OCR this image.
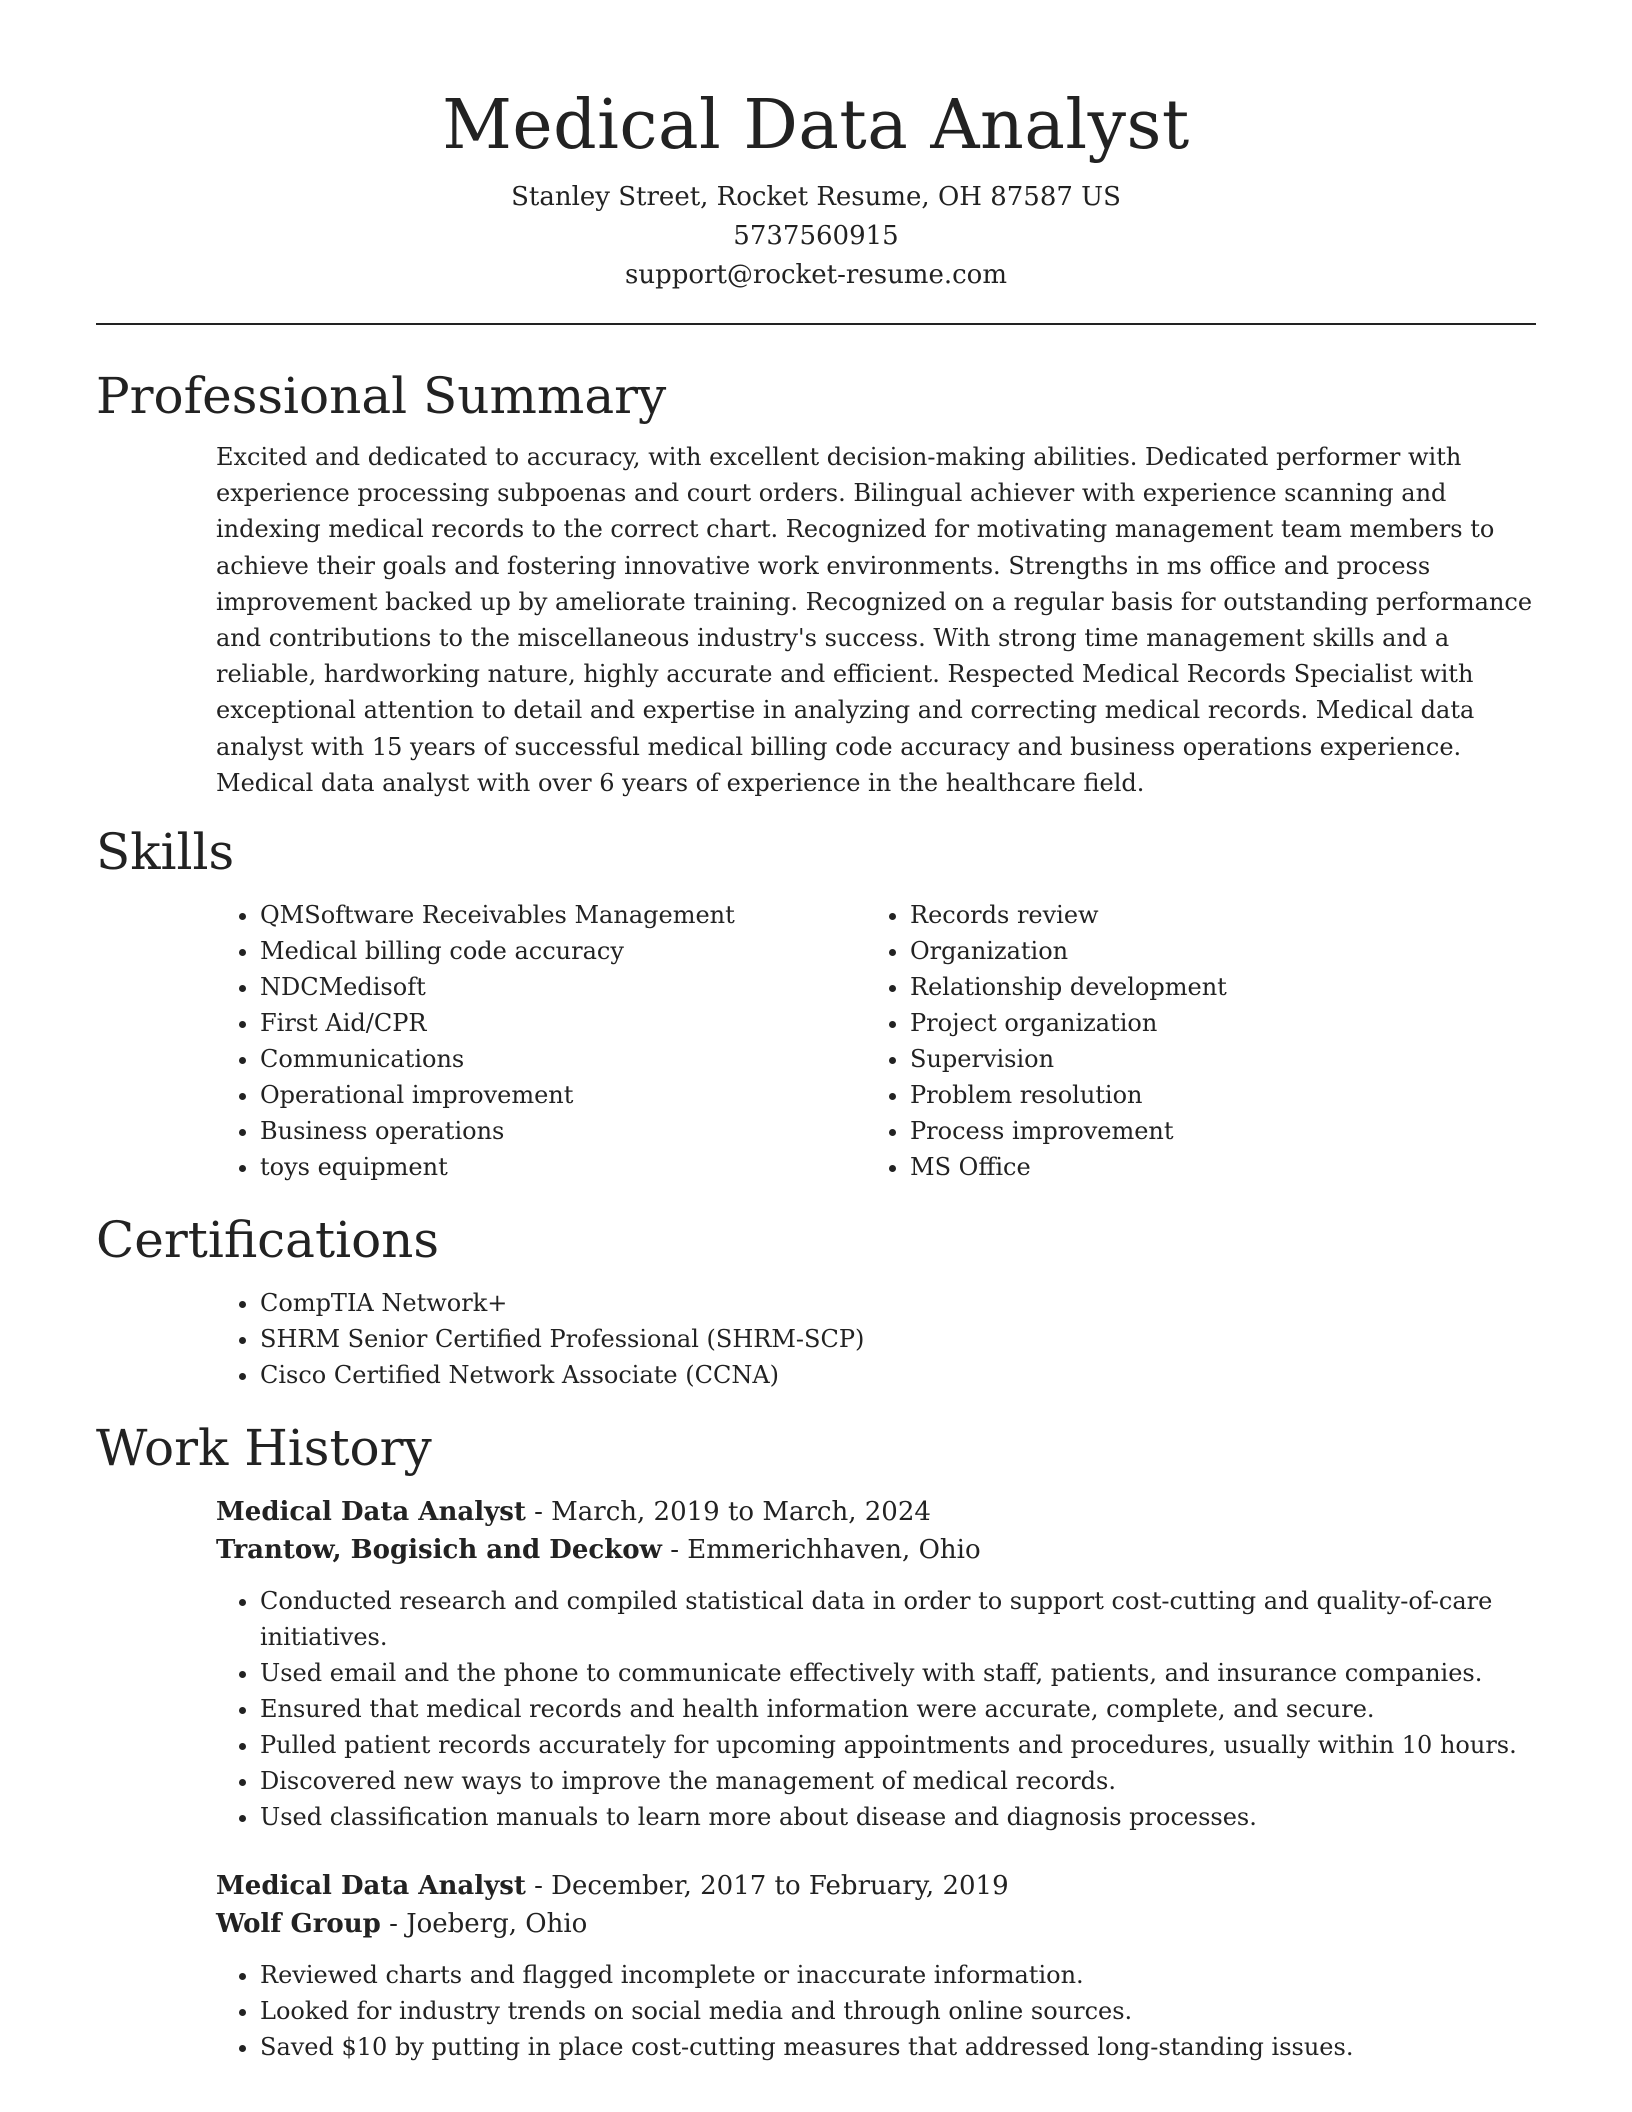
Medical Data Analyst
Stanley Street, Rocket Resume, OH 87587 US
5737560915
support@rocket-resume.com
Professional Summary

Excited and dedicated to accuracy, with excellent decision-making abilities. Dedicated performer with experience processing subpoenas and court orders. Bilingual achiever with experience scanning and indexing medical records to the correct chart. Recognized for motivating management team members to achieve their goals and fostering innovative work environments. Strengths in ms office and process improvement backed up by ameliorate training. Recognized on a regular basis for outstanding performance and contributions to the miscellaneous industry's success. With strong time management skills and a reliable, hardworking nature, highly accurate and efficient. Respected Medical Records Specialist with exceptional attention to detail and expertise in analyzing and correcting medical records. Medical data analyst with 15 years of successful medical billing code accuracy and business operations experience. Medical data analyst with over 6 years of experience in the healthcare field.

Skills
• QMSoftware Receivables Management
• Medical billing code accuracy
• NDCMedisoft
• First Aid/CPR
• Communications
• Operational improvement
• Business operations
• toys equipment
• Records review
• Organization
• Relationship development
• Project organization
• Supervision
• Problem resolution
• Process improvement
• MS Office
Certifications
• CompTIA Network+
• SHRM Senior Certified Professional (SHRM-SCP)
• Cisco Certified Network Associate (CCNA)
Work History
Medical Data Analyst - March, 2019 to March, 2024
Trantow, Bogisich and Deckow - Emmerichhaven, Ohio
• Conducted research and compiled statistical data in order to support cost-cutting and quality-of-care initiatives.
• Used email and the phone to communicate effectively with staff, patients, and insurance companies.
• Ensured that medical records and health information were accurate, complete, and secure.
• Pulled patient records accurately for upcoming appointments and procedures, usually within 10 hours.
• Discovered new ways to improve the management of medical records.
• Used classification manuals to learn more about disease and diagnosis processes.
Medical Data Analyst - December, 2017 to February, 2019
Wolf Group - Joeberg, Ohio
• Reviewed charts and flagged incomplete or inaccurate information.
• Looked for industry trends on social media and through online sources.
• Saved $10 by putting in place cost-cutting measures that addressed long-standing issues.
